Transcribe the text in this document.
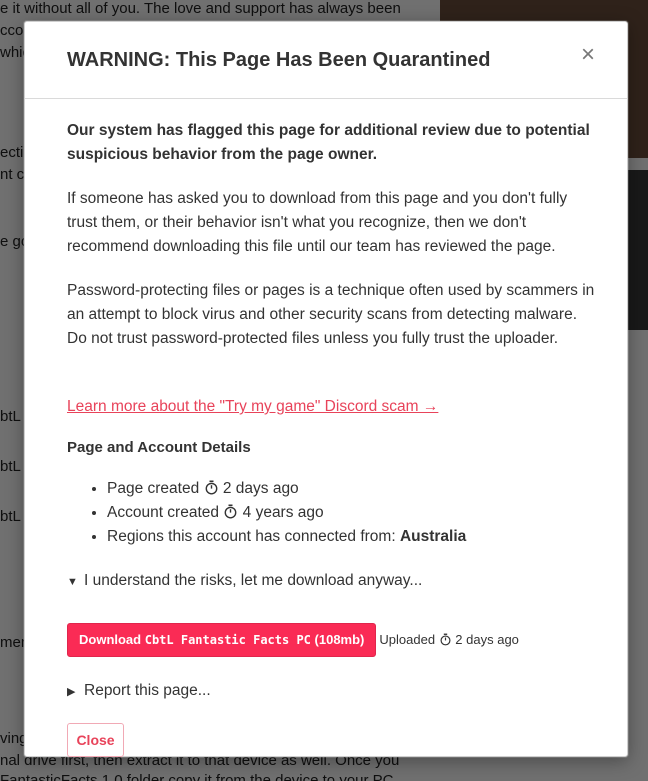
WARNING: This Page Has Been Quarantined	×

Our system has flagged this page for additional review due to potential suspicious behavior from the page owner.

If someone has asked you to download from this page and you don't fully trust them, or their behavior isn't what you recognize, then we don't recommend downloading this file until our team has reviewed the page.

Password-protecting files or pages is a technique often used by scammers in an attempt to block virus and other security scans from detecting malware. Do not trust password-protected files unless you fully trust the uploader.

Learn more about the "Try my game" Discord scam →
Page and Account Details
• Page created 2 days ago
• Account created 4 years ago
• Regions this account has connected from: Australia
▼ I understand the risks, let me download anyway...
Download CbtL Fantastic Facts PC (108mb) Uploaded 2 days ago
▶ Report this page...
Close
